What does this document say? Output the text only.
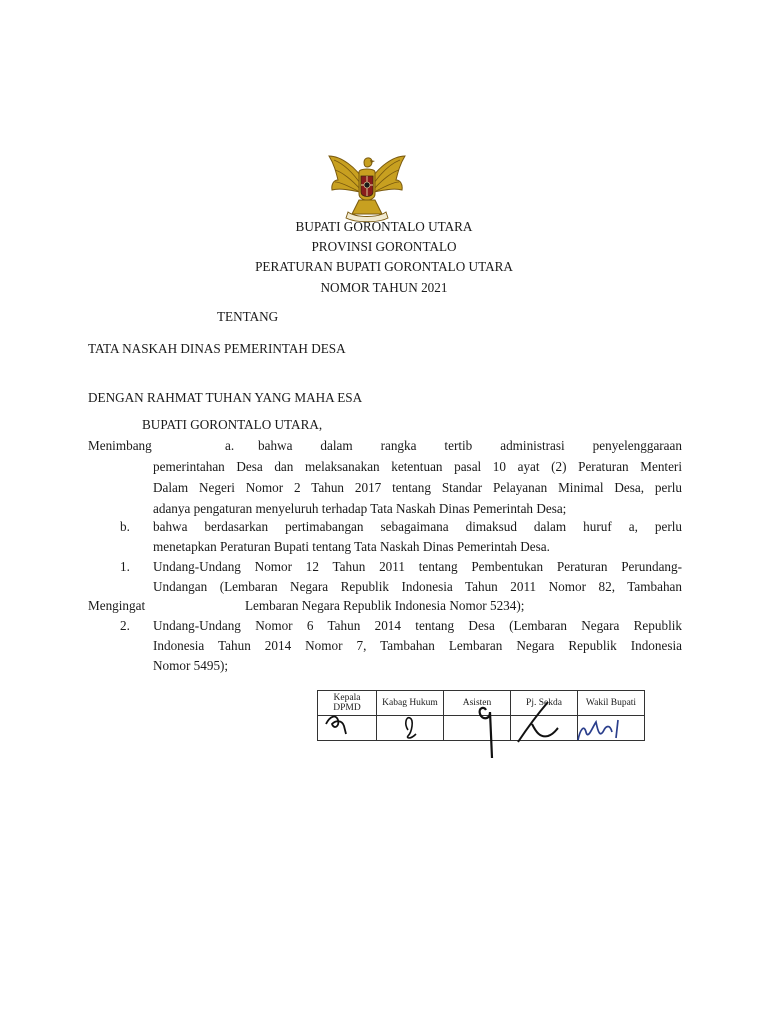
BUPATI GORONTALO UTARA
PROVINSI GORONTALO
PERATURAN BUPATI GORONTALO UTARA
NOMOR TAHUN 2021
TENTANG
TATA NASKAH DINAS PEMERINTAH DESA
DENGAN RAHMAT TUHAN YANG MAHA ESA
BUPATI GORONTALO UTARA,
Menimbang	a. bahwa dalam rangka tertib administrasi penyelenggaraan
pemerintahan Desa dan melaksanakan ketentuan pasal 10 ayat (2) Peraturan Menteri
Dalam Negeri Nomor 2 Tahun 2017 tentang Standar Pelayanan Minimal Desa, perlu
adanya pengaturan menyeluruh terhadap Tata Naskah Dinas Pemerintah Desa;
b. bahwa berdasarkan pertimabangan sebagaimana dimaksud dalam huruf a, perlu
menetapkan Peraturan Bupati tentang Tata Naskah Dinas Pemerintah Desa.
1. Undang-Undang Nomor 12 Tahun 2011 tentang Pembentukan Peraturan Perundang-
Undangan (Lembaran Negara Republik Indonesia Tahun 2011 Nomor 82, Tambahan
Mengingat	Lembaran Negara Republik Indonesia Nomor 5234);
2. Undang-Undang Nomor 6 Tahun 2014 tentang Desa (Lembaran Negara Republik
Indonesia Tahun 2014 Nomor 7, Tambahan Lembaran Negara Republik Indonesia
Nomor 5495);
Kepala DPMD	Kabag Hukum	Asisten	Pj. Sekda	Wakil Bupati
